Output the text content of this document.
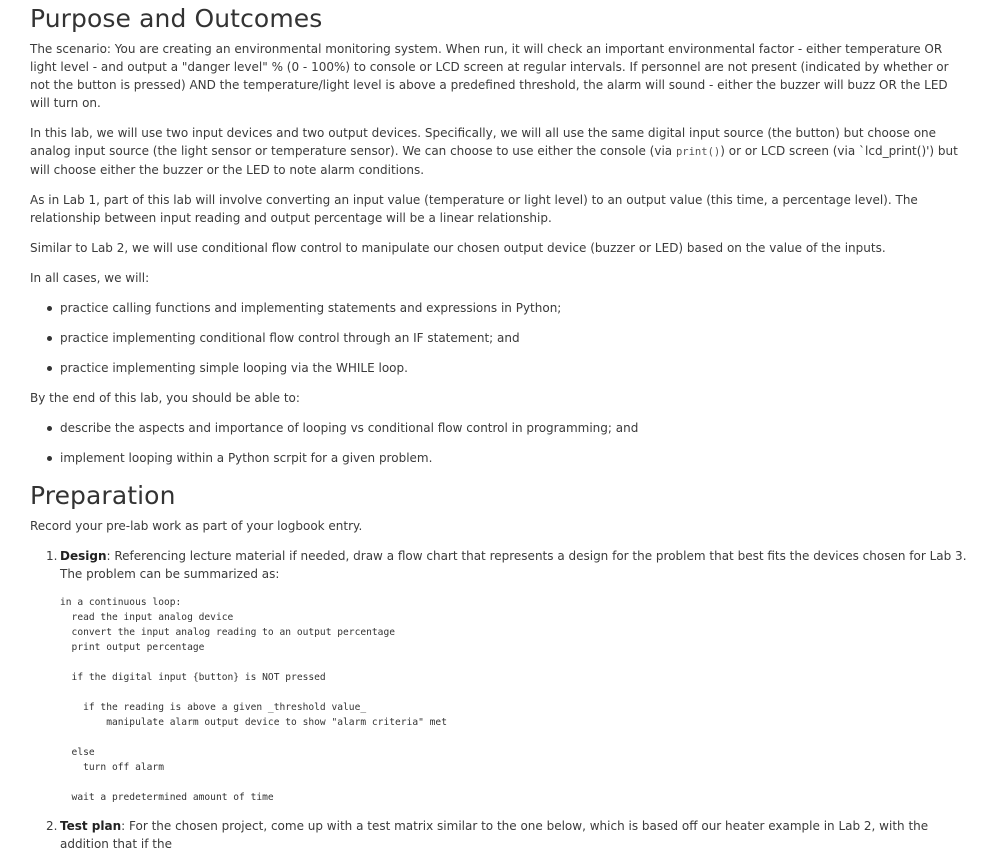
Purpose and Outcomes

The scenario: You are creating an environmental monitoring system. When run, it will check an important environmental factor - either temperature OR light level - and output a "danger level" % (0 - 100%) to console or LCD screen at regular intervals. If personnel are not present (indicated by whether or not the button is pressed) AND the temperature/light level is above a predefined threshold, the alarm will sound - either the buzzer will buzz OR the LED will turn on.

In this lab, we will use two input devices and two output devices. Specifically, we will all use the same digital input source (the button) but choose one analog input source (the light sensor or temperature sensor). We can choose to use either the console (via print()) or or LCD screen (via `lcd_print()') but will choose either the buzzer or the LED to note alarm conditions.

As in Lab 1, part of this lab will involve converting an input value (temperature or light level) to an output value (this time, a percentage level). The relationship between input reading and output percentage will be a linear relationship.

Similar to Lab 2, we will use conditional flow control to manipulate our chosen output device (buzzer or LED) based on the value of the inputs.

In all cases, we will:

practice calling functions and implementing statements and expressions in Python;
practice implementing conditional flow control through an IF statement; and
practice implementing simple looping via the WHILE loop.

By the end of this lab, you should be able to:

describe the aspects and importance of looping vs conditional flow control in programming; and
implement looping within a Python scrpit for a given problem.
Preparation

Record your pre-lab work as part of your logbook entry.

1. Design: Referencing lecture material if needed, draw a flow chart that represents a design for the problem that best fits the devices chosen for Lab 3. The problem can be summarized as:
in a continuous loop:
read the input analog device
convert the input analog reading to an output percentage
print output percentage

if the digital input {button} is NOT pressed

if the reading is above a given _threshold value_
manipulate alarm output device to show "alarm criteria" met

else
turn off alarm

wait a predetermined amount of time
2. Test plan: For the chosen project, come up with a test matrix similar to the one below, which is based off our heater example in Lab 2, with the addition that if the
